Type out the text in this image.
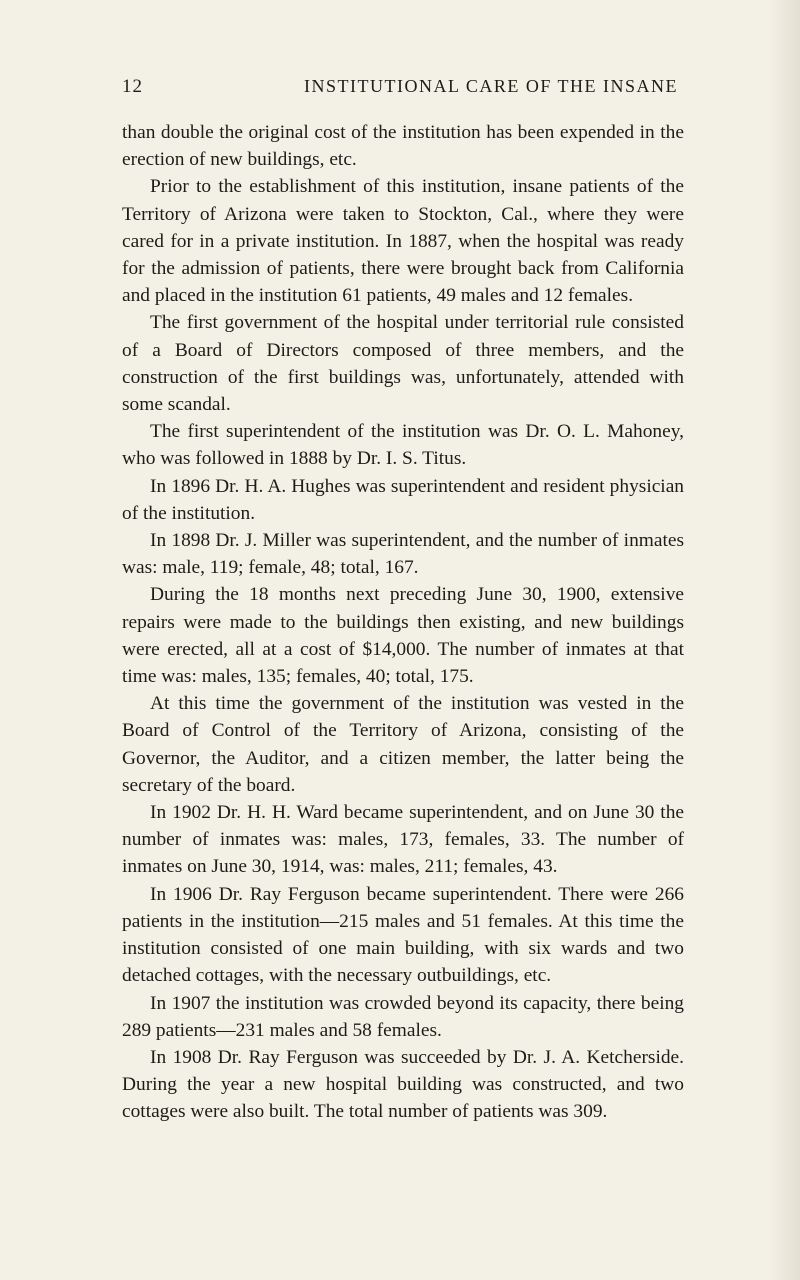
12	INSTITUTIONAL CARE OF THE INSANE

than double the original cost of the institution has been expended in the erection of new buildings, etc.

Prior to the establishment of this institution, insane patients of the Territory of Arizona were taken to Stockton, Cal., where they were cared for in a private institution. In 1887, when the hospital was ready for the admission of patients, there were brought back from California and placed in the institution 61 patients, 49 males and 12 females.

The first government of the hospital under territorial rule consisted of a Board of Directors composed of three members, and the construction of the first buildings was, unfortunately, attended with some scandal.

The first superintendent of the institution was Dr. O. L. Mahoney, who was followed in 1888 by Dr. I. S. Titus.

In 1896 Dr. H. A. Hughes was superintendent and resident physician of the institution.

In 1898 Dr. J. Miller was superintendent, and the number of inmates was: male, 119; female, 48; total, 167.

During the 18 months next preceding June 30, 1900, extensive repairs were made to the buildings then existing, and new buildings were erected, all at a cost of $14,000. The number of inmates at that time was: males, 135; females, 40; total, 175.

At this time the government of the institution was vested in the Board of Control of the Territory of Arizona, consisting of the Governor, the Auditor, and a citizen member, the latter being the secretary of the board.

In 1902 Dr. H. H. Ward became superintendent, and on June 30 the number of inmates was: males, 173, females, 33. The number of inmates on June 30, 1914, was: males, 211; females, 43.

In 1906 Dr. Ray Ferguson became superintendent. There were 266 patients in the institution—215 males and 51 females. At this time the institution consisted of one main building, with six wards and two detached cottages, with the necessary outbuildings, etc.

In 1907 the institution was crowded beyond its capacity, there being 289 patients—231 males and 58 females.

In 1908 Dr. Ray Ferguson was succeeded by Dr. J. A. Ketcherside. During the year a new hospital building was constructed, and two cottages were also built. The total number of patients was 309.
